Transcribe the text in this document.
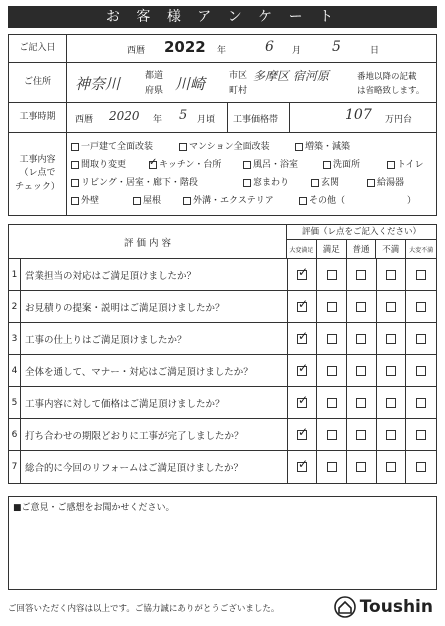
お 客 様 ア ン ケ ー ト
ご記入日	西暦 2022 年	6 月 5	日
ご住所	神奈川	都道
府県 川崎	市区
町村
多摩区 宿河原	番地以降の記載
は省略致します。
工事時期	西暦 2020 年 5 月頃 工事価格帯	107 万円台
工事内容
（レ点で
チェック）
一戸建て全面改装	マンション全面改装	増築・減築
間取り変更
✓	キッチン・台所	風呂・浴室	洗面所	トイレ
リビング・居室・廊下・階段	窓まわり	玄関	給湯器
外壁	屋根	外溝・エクステリア	その他（	）
評 価 内 容
評価（レ点をご記入ください）
大変満足	満足	普通	不満	大変不満
1 営業担当の対応はご満足頂けましたか？
✓
2 お見積りの提案・説明はご満足頂けましたか？
✓
3 工事の仕上りはご満足頂けましたか？
✓
4 全体を通して、マナー・対応はご満足頂けましたか？
✓
5 工事内容に対して価格はご満足頂けましたか？
✓
6 打ち合わせの期限どおりに工事が完了しましたか？
✓
7 総合的に今回のリフォームはご満足頂けましたか？
✓
■ご意見・ご感想をお聞かせください。
ご回答いただく内容は以上です。ご協力誠にありがとうございました。	Toushin
